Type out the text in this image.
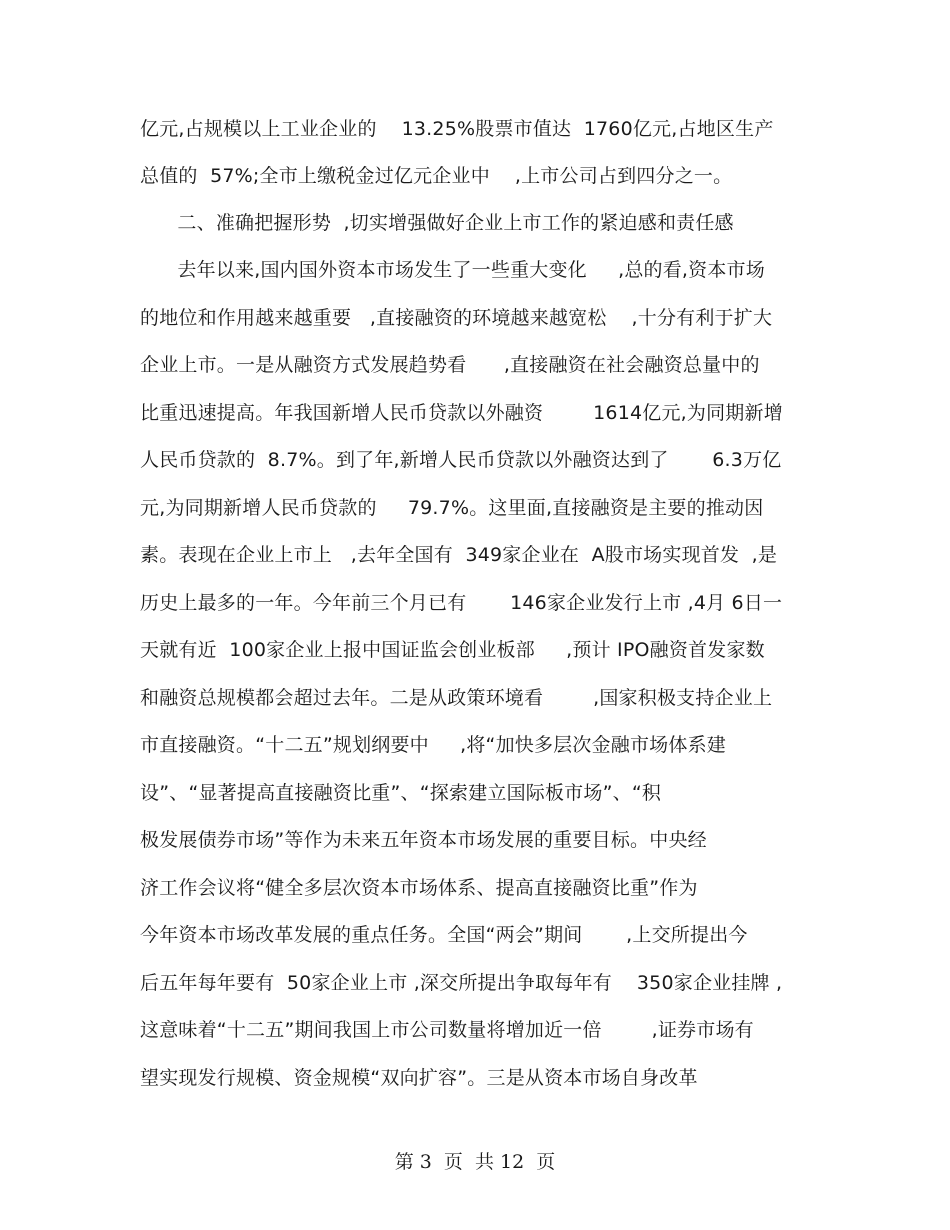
亿元,占规模以上工业企业的    13.25%股票市值达  1760亿元,占地区生产
总值的  57%;全市上缴税金过亿元企业中    ,上市公司占到四分之一。
二、准确把握形势  ,切实增强做好企业上市工作的紧迫感和责任感
去年以来,国内国外资本市场发生了一些重大变化     ,总的看,资本市场
的地位和作用越来越重要   ,直接融资的环境越来越宽松    ,十分有利于扩大
企业上市。一是从融资方式发展趋势看      ,直接融资在社会融资总量中的
比重迅速提高。年我国新增人民币贷款以外融资        1614亿元,为同期新增
人民币贷款的  8.7%。到了年,新增人民币贷款以外融资达到了       6.3万亿
元,为同期新增人民币贷款的     79.7%。这里面,直接融资是主要的推动因
素。表现在企业上市上   ,去年全国有  349家企业在  A股市场实现首发  ,是
历史上最多的一年。今年前三个月已有       146家企业发行上市 ,4月 6日一
天就有近  100家企业上报中国证监会创业板部     ,预计 IPO融资首发家数
和融资总规模都会超过去年。二是从政策环境看        ,国家积极支持企业上
市直接融资。“十二五”规划纲要中     ,将“加快多层次金融市场体系建
设”、“显著提高直接融资比重”、“探索建立国际板市场”、“积
极发展债券市场”等作为未来五年资本市场发展的重要目标。中央经
济工作会议将“健全多层次资本市场体系、提高直接融资比重”作为
今年资本市场改革发展的重点任务。全国“两会”期间       ,上交所提出今
后五年每年要有  50家企业上市 ,深交所提出争取每年有    350家企业挂牌 ,
这意味着“十二五”期间我国上市公司数量将增加近一倍        ,证券市场有
望实现发行规模、资金规模“双向扩容”。三是从资本市场自身改革
第 3  页  共 12  页
